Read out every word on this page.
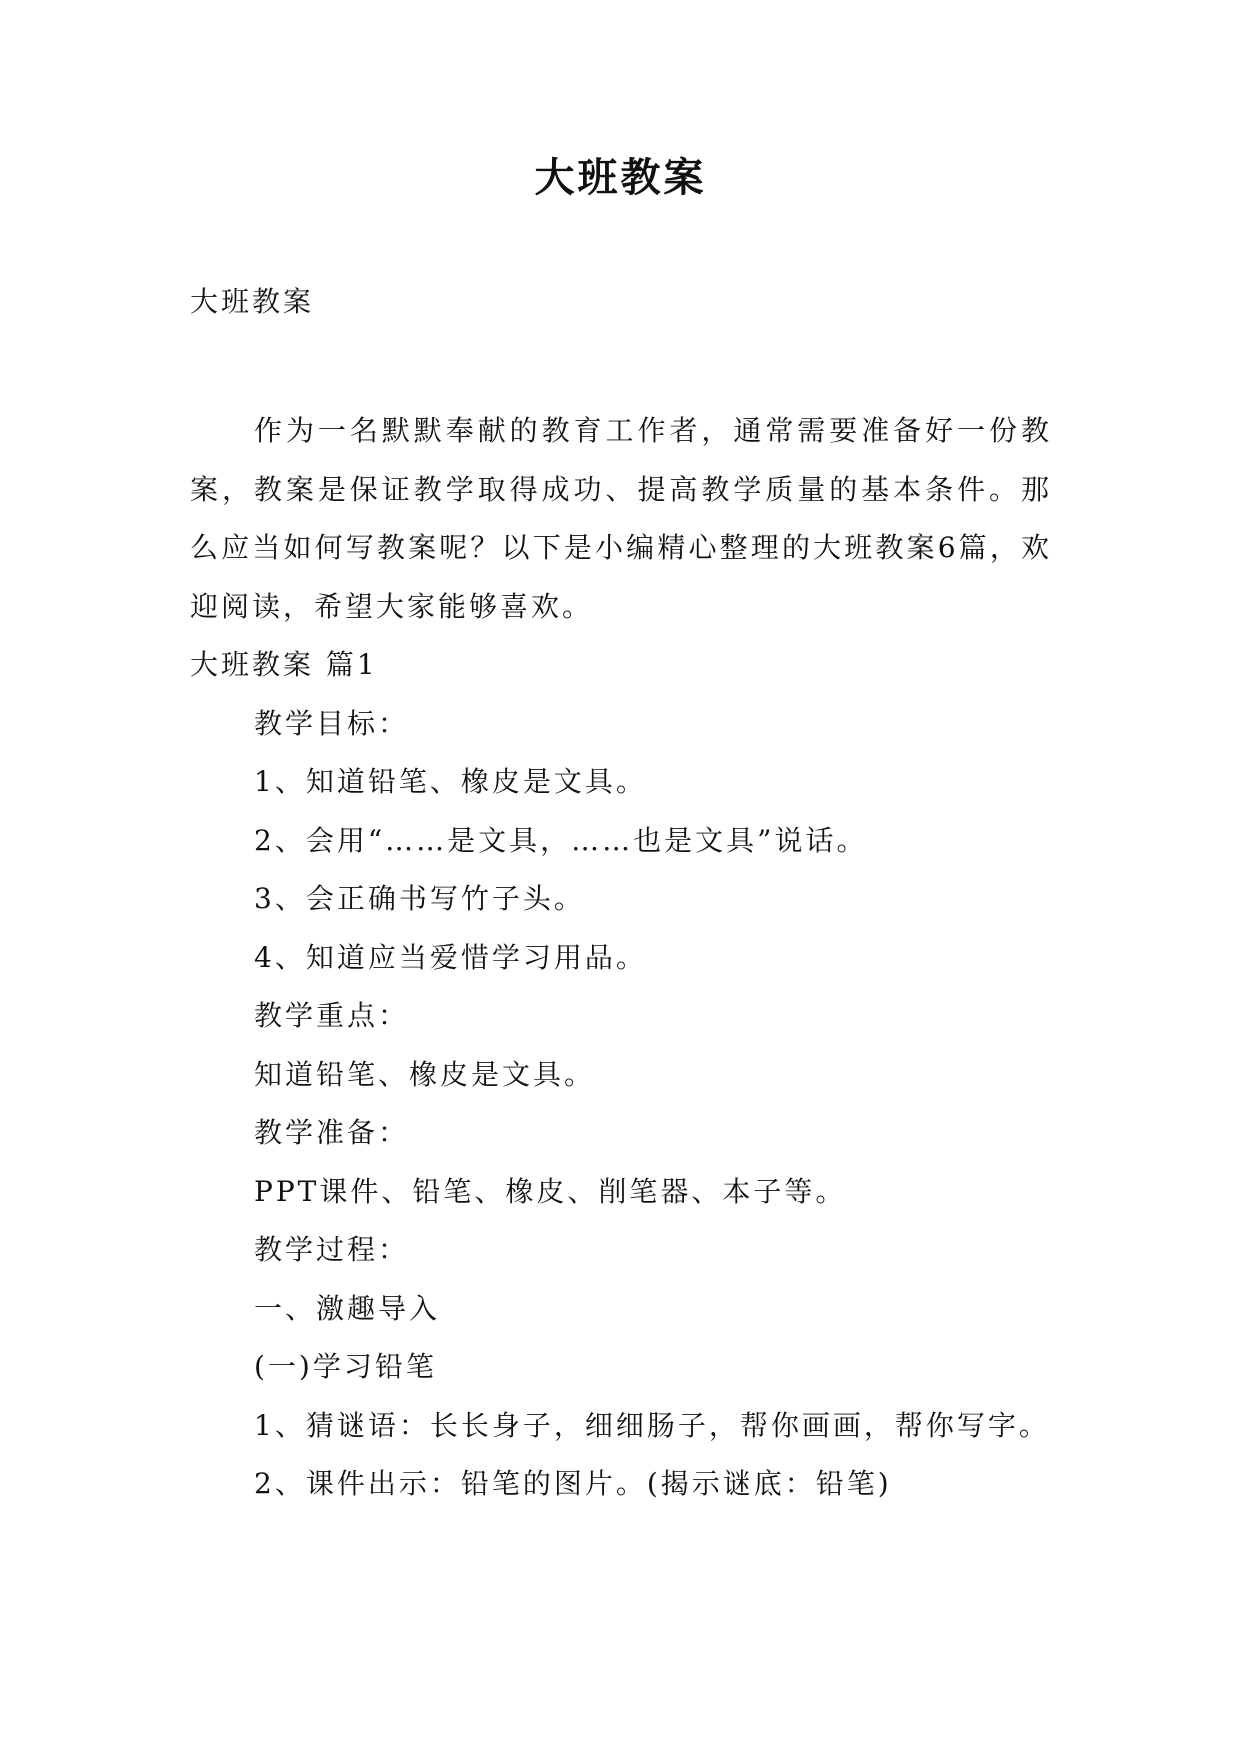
大班教案

大班教案

作为一名默默奉献的教育工作者，通常需要准备好一份教案，教案是保证教学取得成功、提高教学质量的基本条件。那么应当如何写教案呢？以下是小编精心整理的大班教案6篇，欢迎阅读，希望大家能够喜欢。

大班教案 篇1

教学目标：

1、知道铅笔、橡皮是文具。

2、会用“……是文具，……也是文具”说话。

3、会正确书写竹子头。

4、知道应当爱惜学习用品。

教学重点：

知道铅笔、橡皮是文具。

教学准备：

PPT课件、铅笔、橡皮、削笔器、本子等。

教学过程：

一、激趣导入

(一)学习铅笔

1、猜谜语：长长身子，细细肠子，帮你画画，帮你写字。

2、课件出示：铅笔的图片。(揭示谜底：铅笔)
